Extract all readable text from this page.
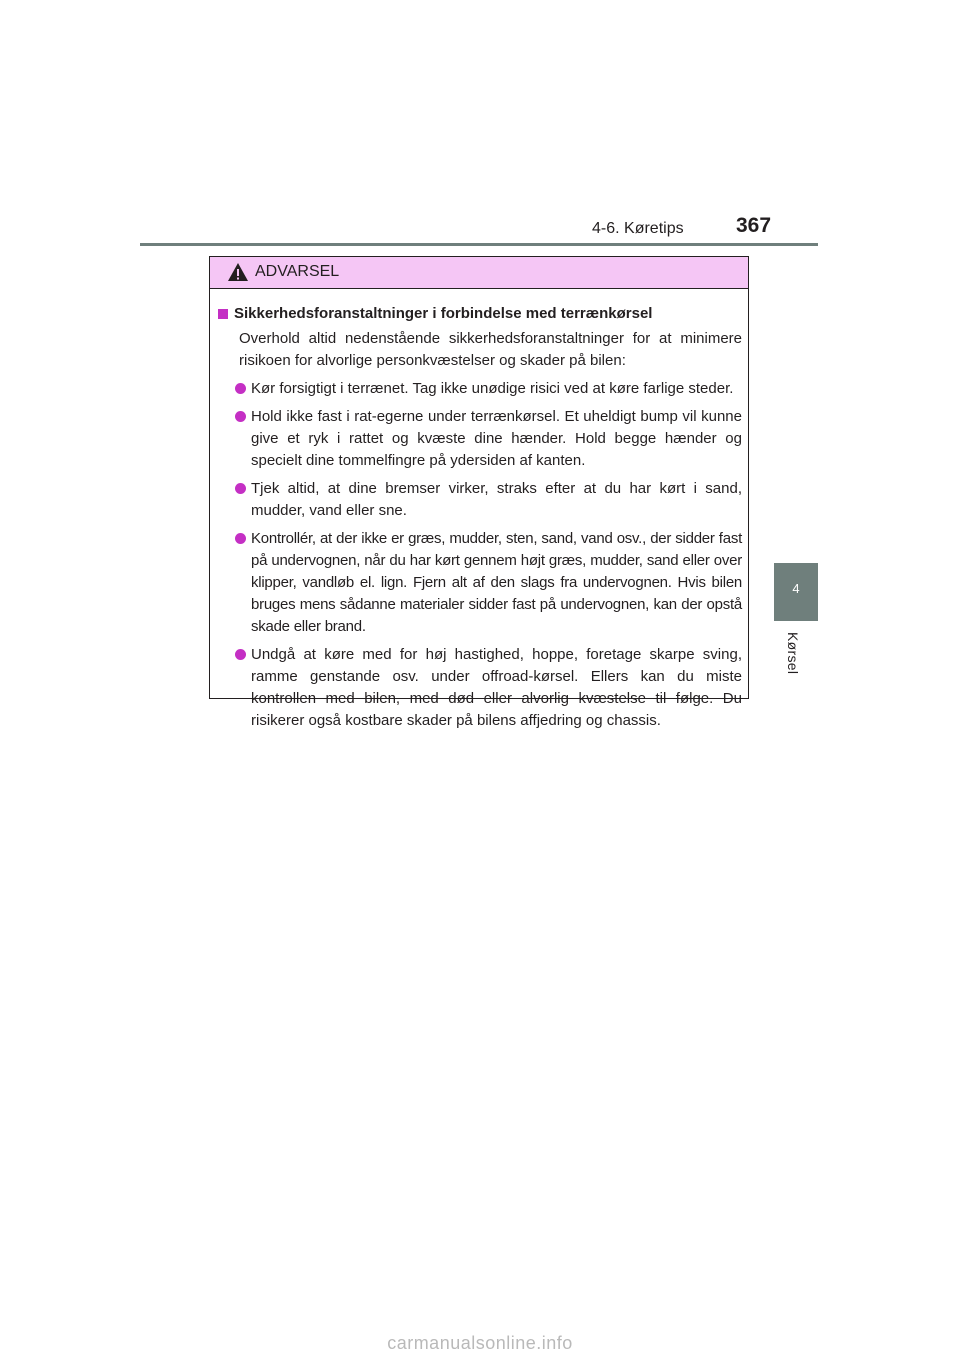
4-6. Køretips 367
4
Kørsel
ADVARSEL
Sikkerhedsforanstaltninger i forbindelse med terrænkørsel
Overhold altid nedenstående sikkerhedsforanstaltninger for at minimere risikoen for alvorlige personkvæstelser og skader på bilen:
Kør forsigtigt i terrænet. Tag ikke unødige risici ved at køre farlige steder.
Hold ikke fast i rat-egerne under terrænkørsel. Et uheldigt bump vil kunne give et ryk i rattet og kvæste dine hænder. Hold begge hænder og specielt dine tommelfingre på ydersiden af kanten.
Tjek altid, at dine bremser virker, straks efter at du har kørt i sand, mudder, vand eller sne.
Kontrollér, at der ikke er græs, mudder, sten, sand, vand osv., der sidder fast på undervognen, når du har kørt gennem højt græs, mudder, sand eller over klipper, vandløb el. lign. Fjern alt af den slags fra undervognen. Hvis bilen bruges mens sådanne materialer sidder fast på undervognen, kan der opstå skade eller brand.
Undgå at køre med for høj hastighed, hoppe, foretage skarpe sving, ramme genstande osv. under offroad-kørsel. Ellers kan du miste kontrollen med bilen, med død eller alvorlig kvæstelse til følge. Du risikerer også kostbare skader på bilens affjedring og chassis.
carmanualsonline.info
